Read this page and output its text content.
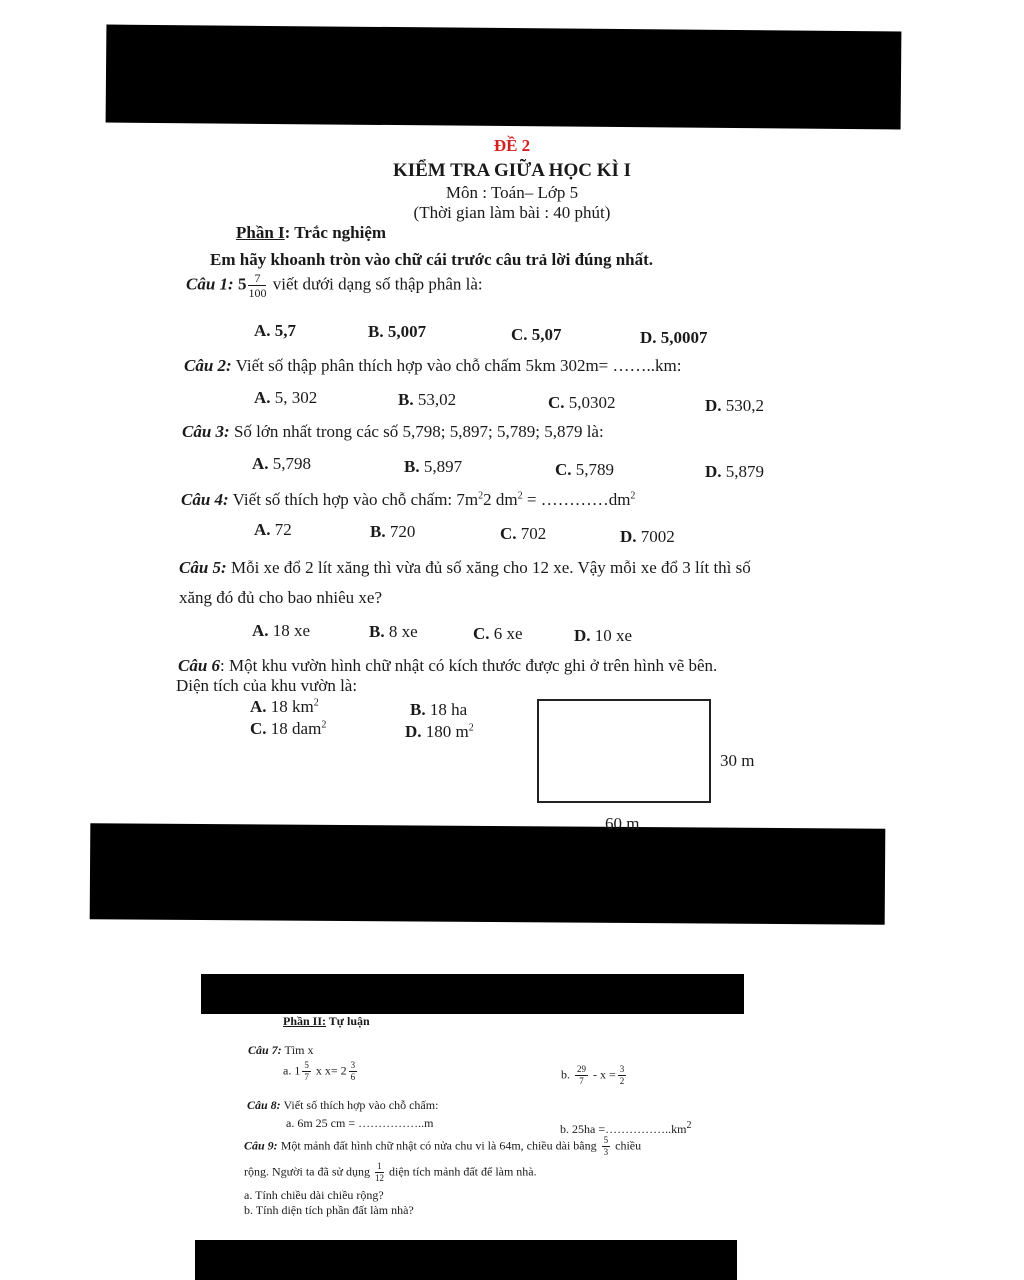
ĐỀ 2
KIỂM TRA GIỮA HỌC KÌ I
Môn : Toán– Lớp 5
(Thời gian làm bài : 40 phút)
Phần I: Trắc nghiệm
Em hãy khoanh tròn vào chữ cái trước câu trả lời đúng nhất.
Câu 1: $5 \frac{7}{100}$ viết dưới dạng số thập phân là:
A. 5,7	B. 5,007	C. 5,07	D. 5,0007
Câu 2: Viết số thập phân thích hợp vào chỗ chấm 5km 302m= ……..km:
A. 5, 302	B. 53,02	C. 5,0302	D. 530,2
Câu 3: Số lớn nhất trong các số 5,798; 5,897; 5,789; 5,879 là:
A. 5,798	B. 5,897	C. 5,789	D. 5,879
Câu 4: Viết số thích hợp vào chỗ chấm: $7m^22$ $dm^2$ = $\dots\dots\dots\dots dm^2$
A. 72	B. 720	C. 702	D. 7002
Câu 5: Mỗi xe đổ 2 lít xăng thì vừa đủ số xăng cho 12 xe. Vậy mỗi xe đổ 3 lít thì số
xăng đó đủ cho bao nhiêu xe?
A. 18 xe	B. 8 xe	C. 6 xe	D. 10 xe
Câu 6: Một khu vườn hình chữ nhật có kích thước được ghi ở trên hình vẽ bên.
Diện tích của khu vườn là:
A. 18 $km^2$	B. 18 ha
C. 18 dam$^2$	D. 180 $m^2$
30 m
60 m
Phần II: Tự luận
Câu 7: Tìm x
a. $1 \frac{5}{7}$ x $x= 2 \frac{3}{6}$	b. $\frac{29}{7} - x = \frac{3}{2}$
Câu 8: Viết số thích hợp vào chỗ chấm:
a. 6m 25 cm = ……………..m	b. $25ha =\dots\dots\dots\dots\dots..km^2$
Câu 9: Một mảnh đất hình chữ nhật có nửa chu vi là 64m, chiều dài bằng $\frac{5}{3}$ chiều
rộng. Người ta đã sử dụng $\frac{1}{12}$ diện tích mảnh đất để làm nhà.
a. Tính chiều dài chiều rộng?
b. Tính diện tích phần đất làm nhà?
